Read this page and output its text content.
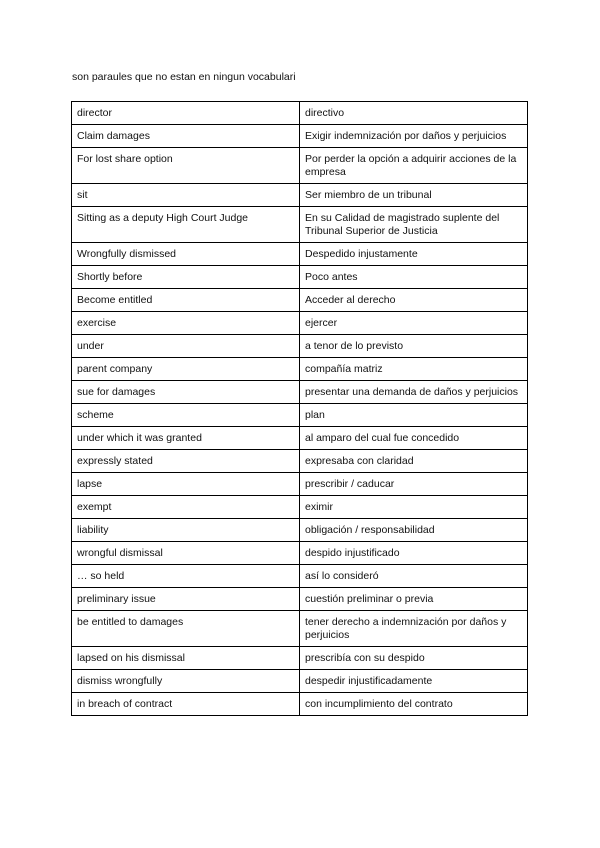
son paraules que no estan en ningun vocabulari
director	directivo
Claim damages	Exigir indemnización por daños y perjuicios
For lost share option	Por perder la opción a adquirir acciones de la empresa
sit	Ser miembro de un tribunal
Sitting as a deputy High Court Judge	En su Calidad de magistrado suplente del Tribunal Superior de Justicia
Wrongfully dismissed	Despedido injustamente
Shortly before	Poco antes
Become entitled	Acceder al derecho
exercise	ejercer
under	a tenor de lo previsto
parent company	compañía matriz
sue for damages	presentar una demanda de daños y perjuicios
scheme	plan
under which it was granted	al amparo del cual fue concedido
expressly stated	expresaba con claridad
lapse	prescribir / caducar
exempt	eximir
liability	obligación / responsabilidad
wrongful dismissal	despido injustificado
… so held	así lo consideró
preliminary issue	cuestión preliminar o previa
be entitled to damages	tener derecho a indemnización por daños y perjuicios
lapsed on his dismissal	prescribía con su despido
dismiss wrongfully	despedir injustificadamente
in breach of contract	con incumplimiento del contrato
